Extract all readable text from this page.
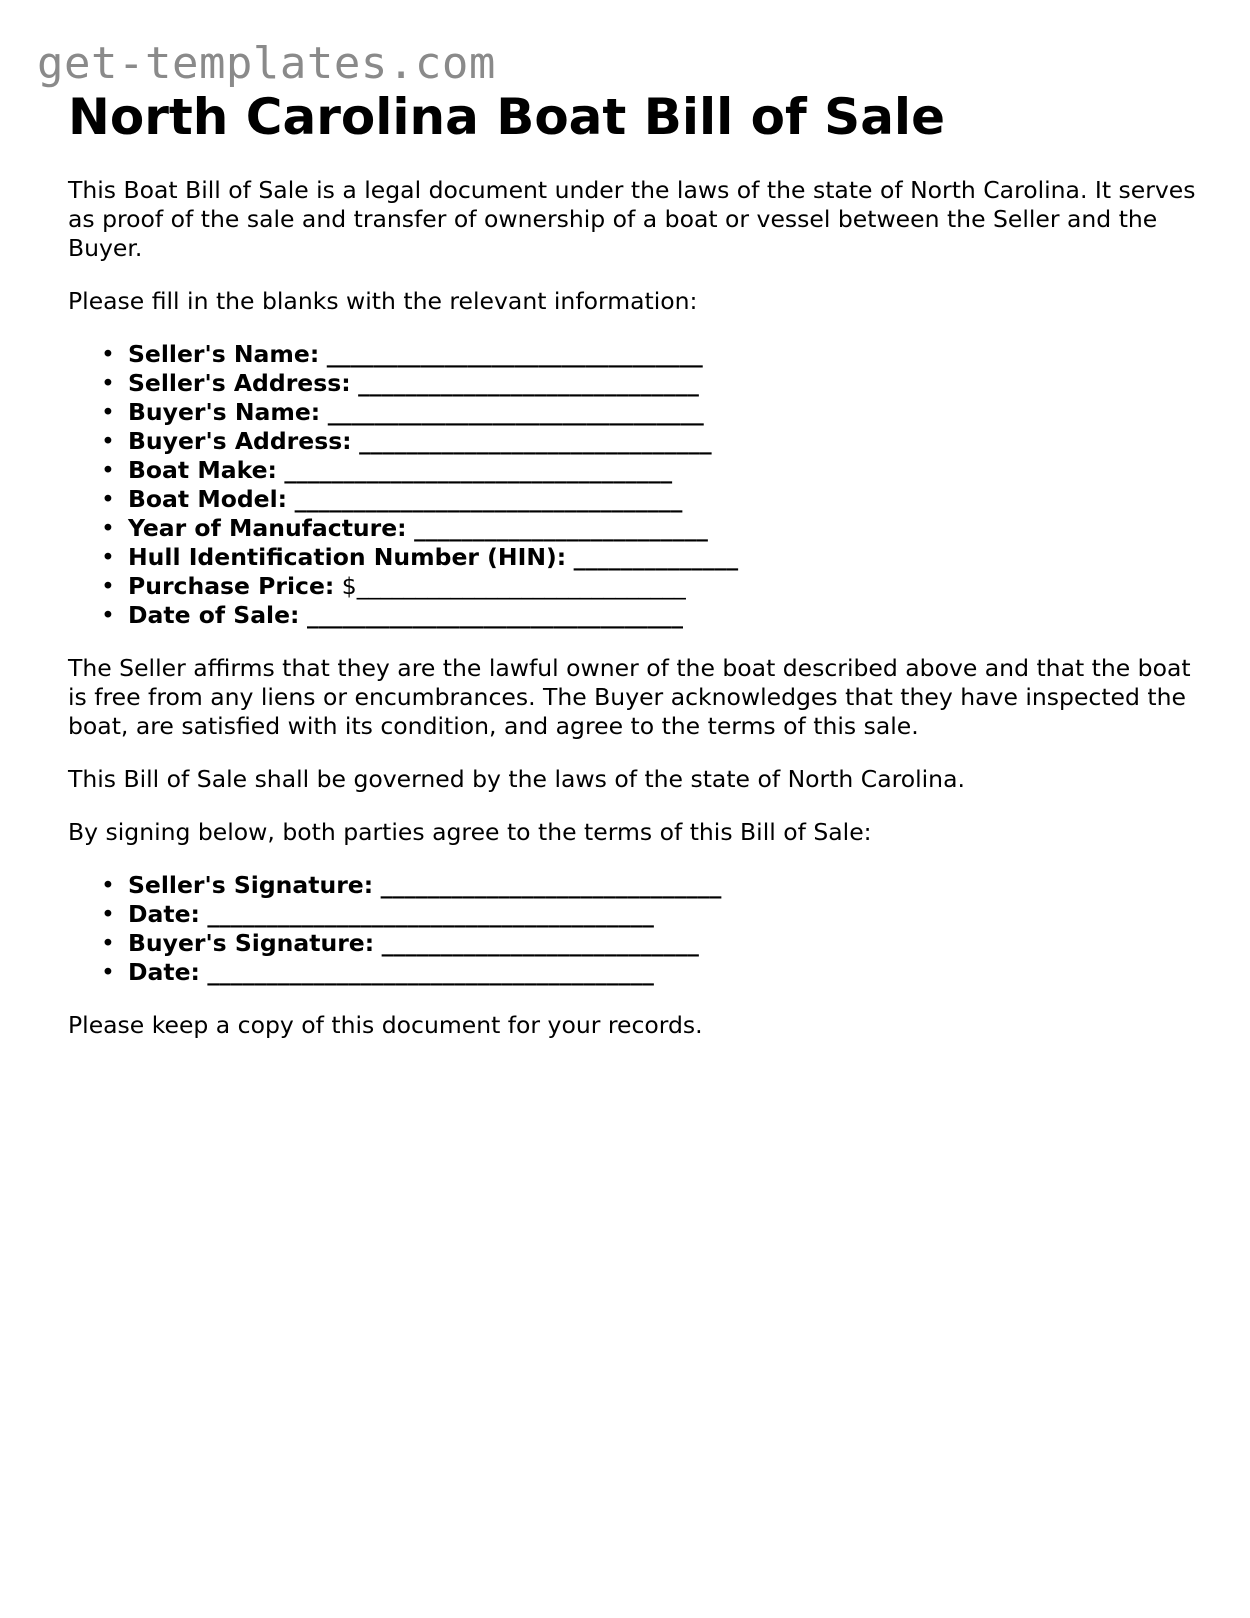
get-templates.com
North Carolina Boat Bill of Sale

This Boat Bill of Sale is a legal document under the laws of the state of North Carolina. It serves as proof of the sale and transfer of ownership of a boat or vessel between the Seller and the Buyer.

Please fill in the blanks with the relevant information:

• Seller's Name: ________________________________
• Seller's Address: _____________________________
• Buyer's Name: ________________________________
• Buyer's Address: ______________________________
• Boat Make: _________________________________
• Boat Model: _________________________________
• Year of Manufacture: _________________________
• Hull Identification Number (HIN): ______________
• Purchase Price: $____________________________
• Date of Sale: ________________________________

The Seller affirms that they are the lawful owner of the boat described above and that the boat is free from any liens or encumbrances. The Buyer acknowledges that they have inspected the boat, are satisfied with its condition, and agree to the terms of this sale.

This Bill of Sale shall be governed by the laws of the state of North Carolina.

By signing below, both parties agree to the terms of this Bill of Sale:

• Seller's Signature: _____________________________
• Date: ______________________________________
• Buyer's Signature: ___________________________
• Date: ______________________________________

Please keep a copy of this document for your records.
